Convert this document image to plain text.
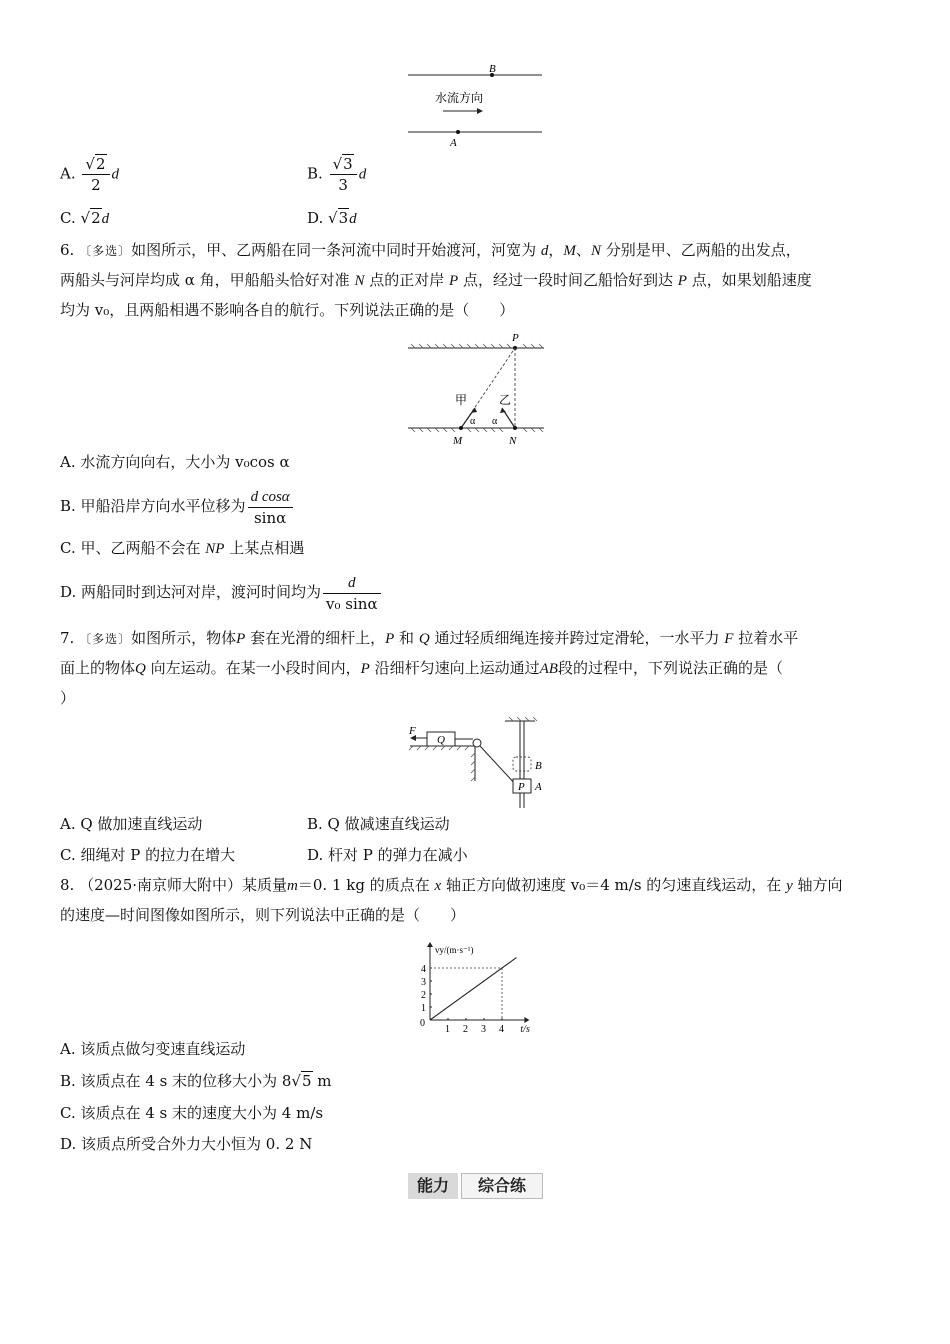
B
水流方向
A
A. $\frac{√2}{2}$ d	B. $\frac{√3}{3}$ d
C. √2d	D. √3d
6. 〔多选〕如图所示，甲、乙两船在同一条河流中同时开始渡河，河宽为 d，M、N 分别是甲、乙两船的出发点，
两船头与河岸均成 α 角，甲船船头恰好对准 N 点的正对岸 P 点，经过一段时间乙船恰好到达 P 点，如果划船速度
均为 v₀，且两船相遇不影响各自的航行。下列说法正确的是（　　）
P
甲	乙
α α
M	N
A. 水流方向向右，大小为 v₀cos α
B. 甲船沿岸方向水平位移为 $\frac{\text{d cosα}}{\sin\alpha}$
C. 甲、乙两船不会在 NP 上某点相遇
D. 两船同时到达河对岸，渡河时间均为 $\frac{d}{\text{v₀ sinα}}$
7. 〔多选〕如图所示，物体P 套在光滑的细杆上，P 和 Q 通过轻质细绳连接并跨过定滑轮，一水平力 F 拉着水平
面上的物体Q 向左运动。在某一小段时间内，P 沿细杆匀速向上运动通过AB段的过程中，下列说法正确的是（
）
F
Q
B
P A
A. Q 做加速直线运动	B. Q 做减速直线运动
C. 细绳对 P 的拉力在增大	D. 杆对 P 的弹力在减小
8. （2025·南京师大附中）某质量m＝0. 1 kg 的质点在 x 轴正方向做初速度 v₀＝4 m/s 的匀速直线运动，在 y 轴方向
的速度—时间图像如图所示，则下列说法中正确的是（　　）
1 2 3 4
1
2
3
4
0
t/s
vy/(m·s⁻¹)
A. 该质点做匀变速直线运动
B. 该质点在 4 s 末的位移大小为 8√5 m
C. 该质点在 4 s 末的速度大小为 4 m/s
D. 该质点所受合外力大小恒为 0. 2 N
能力	综合练
